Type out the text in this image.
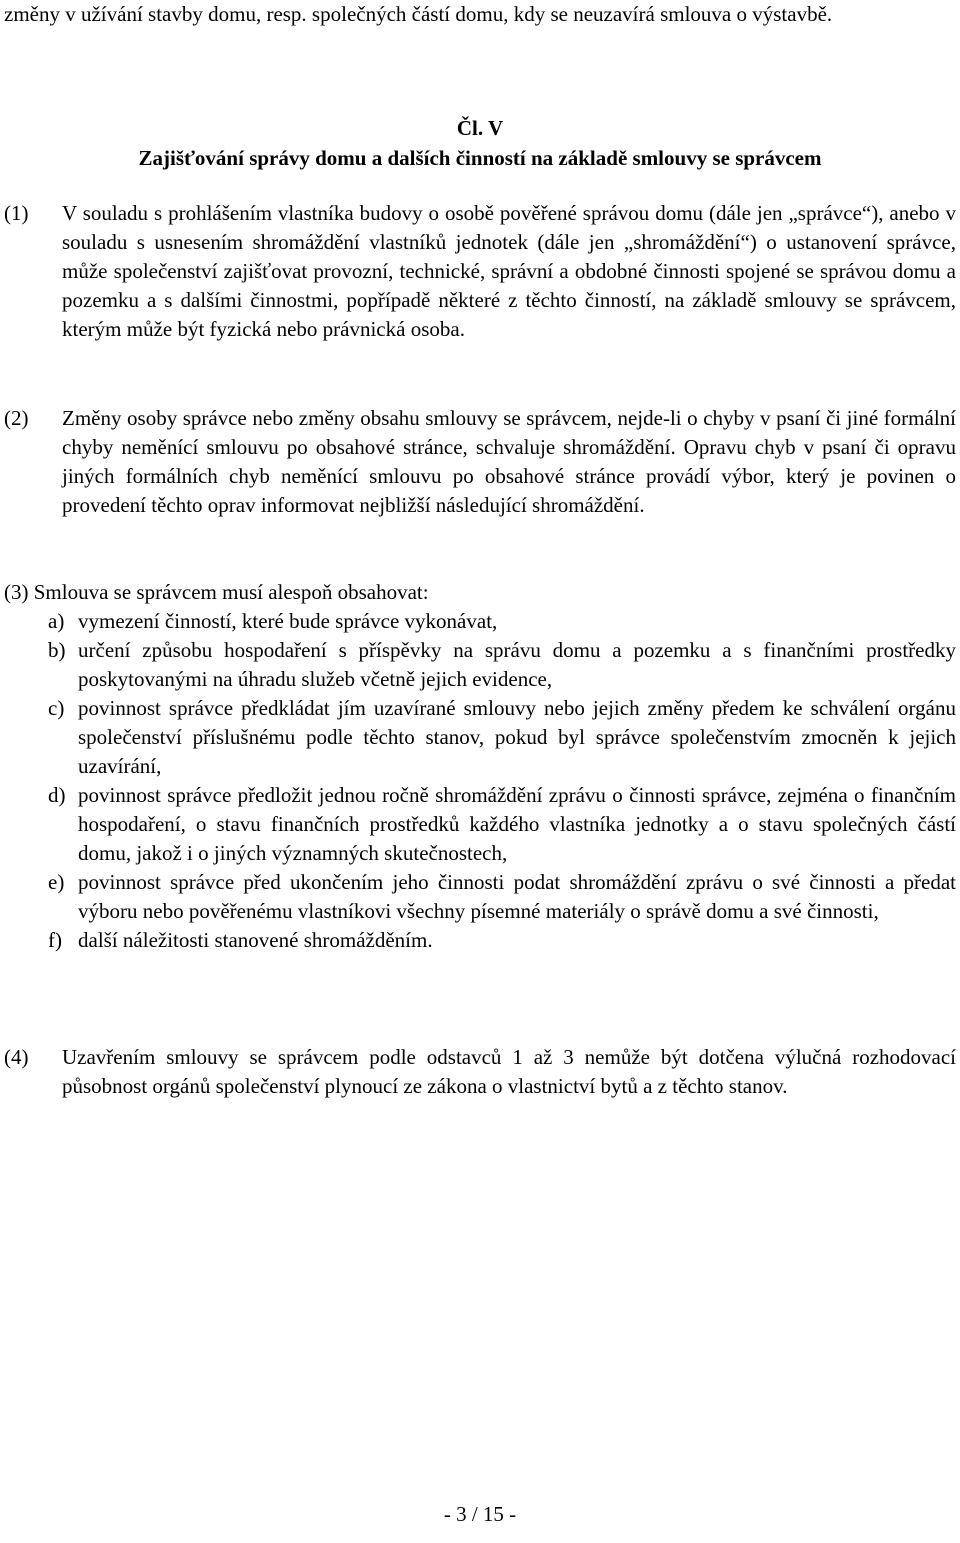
změny v užívání stavby domu, resp. společných částí domu, kdy se neuzavírá smlouva o výstavbě.
Čl. V
Zajišťování správy domu a dalších činností na základě smlouvy se správcem
(1) V souladu s prohlášením vlastníka budovy o osobě pověřené správou domu (dále jen „správce“), anebo v souladu s usnesením shromáždění vlastníků jednotek (dále jen „shromáždění“) o ustanovení správce, může společenství zajišťovat provozní, technické, správní a obdobné činnosti spojené se správou domu a pozemku a s dalšími činnostmi, popřípadě některé z těchto činností, na základě smlouvy se správcem, kterým může být fyzická nebo právnická osoba.
(2) Změny osoby správce nebo změny obsahu smlouvy se správcem, nejde-li o chyby v psaní či jiné formální chyby neměnící smlouvu po obsahové stránce, schvaluje shromáždění. Opravu chyb v psaní či opravu jiných formálních chyb neměnící smlouvu po obsahové stránce provádí výbor, který je povinen o provedení těchto oprav informovat nejbližší následující shromáždění.

(3) Smlouva se správcem musí alespoň obsahovat:

a) vymezení činností, které bude správce vykonávat,
b) určení způsobu hospodaření s příspěvky na správu domu a pozemku a s finančními prostředky poskytovanými na úhradu služeb včetně jejich evidence,
c) povinnost správce předkládat jím uzavírané smlouvy nebo jejich změny předem ke schválení orgánu společenství příslušnému podle těchto stanov, pokud byl správce společenstvím zmocněn k jejich uzavírání,
d) povinnost správce předložit jednou ročně shromáždění zprávu o činnosti správce, zejména o finančním hospodaření, o stavu finančních prostředků každého vlastníka jednotky a o stavu společných částí domu, jakož i o jiných významných skutečnostech,
e) povinnost správce před ukončením jeho činnosti podat shromáždění zprávu o své činnosti a předat výboru nebo pověřenému vlastníkovi všechny písemné materiály o správě domu a své činnosti,
f) další náležitosti stanovené shromážděním.
(4) Uzavřením smlouvy se správcem podle odstavců 1 až 3 nemůže být dotčena výlučná rozhodovací působnost orgánů společenství plynoucí ze zákona o vlastnictví bytů a z těchto stanov.
- 3 / 15 -
